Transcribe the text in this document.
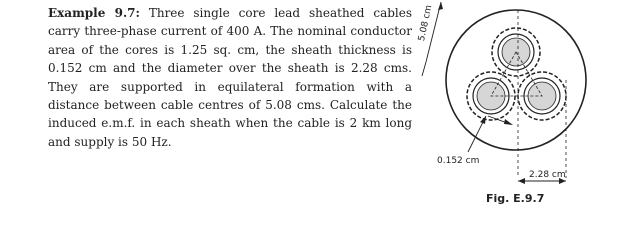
Example 9.7: Three single core lead sheathed cables carry three-phase current of 400 A. The nominal conductor area of the cores is 1.25 sq. cm, the sheath thickness is 0.152 cm and the diameter over the sheath is 2.28 cms. They are supported in equilateral formation with a distance between cable centres of 5.08 cms. Calculate the induced e.m.f. in each sheath when the cable is 2 km long and supply is 50 Hz.
5.08 cm
0.152 cm
2.28 cm
Fig. E.9.7
